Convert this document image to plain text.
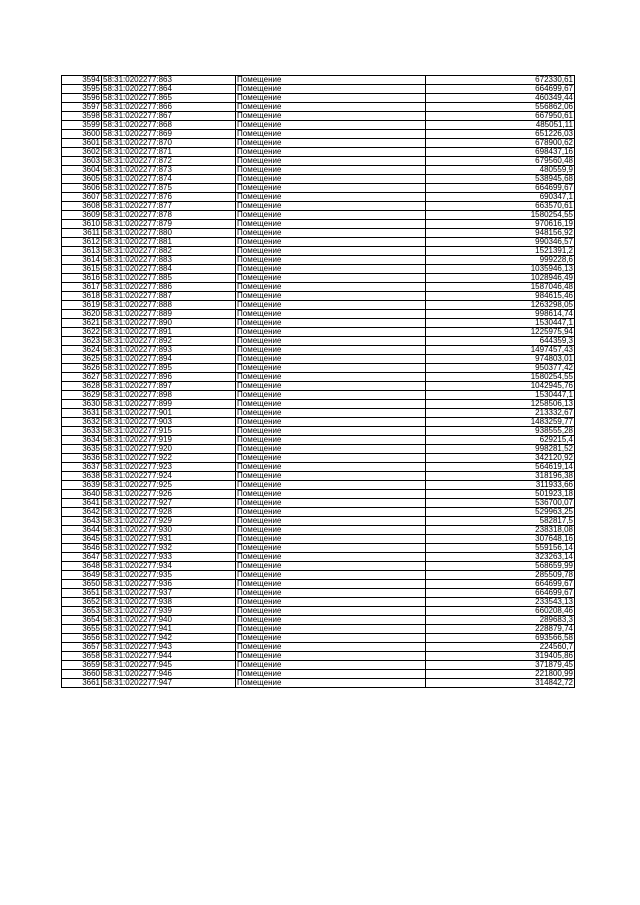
3594	58:31:0202277:863	Помещение	672330,61
3595	58:31:0202277:864	Помещение	664699,67
3596	58:31:0202277:865	Помещение	460349,44
3597	58:31:0202277:866	Помещение	556862,06
3598	58:31:0202277:867	Помещение	667950,61
3599	58:31:0202277:868	Помещение	485051,11
3600	58:31:0202277:869	Помещение	651226,03
3601	58:31:0202277:870	Помещение	678900,62
3602	58:31:0202277:871	Помещение	698437,16
3603	58:31:0202277:872	Помещение	679560,48
3604	58:31:0202277:873	Помещение	480559,9
3605	58:31:0202277:874	Помещение	538945,68
3606	58:31:0202277:875	Помещение	664699,67
3607	58:31:0202277:876	Помещение	690347,1
3608	58:31:0202277:877	Помещение	663570,61
3609	58:31:0202277:878	Помещение	1580254,55
3610	58:31:0202277:879	Помещение	970616,19
3611	58:31:0202277:880	Помещение	948156,92
3612	58:31:0202277:881	Помещение	990346,57
3613	58:31:0202277:882	Помещение	1521391,2
3614	58:31:0202277:883	Помещение	999228,6
3615	58:31:0202277:884	Помещение	1035946,13
3616	58:31:0202277:885	Помещение	1028946,49
3617	58:31:0202277:886	Помещение	1587046,48
3618	58:31:0202277:887	Помещение	984615,46
3619	58:31:0202277:888	Помещение	1263298,05
3620	58:31:0202277:889	Помещение	998614,74
3621	58:31:0202277:890	Помещение	1530447,1
3622	58:31:0202277:891	Помещение	1225975,94
3623	58:31:0202277:892	Помещение	644359,3
3624	58:31:0202277:893	Помещение	1497457,43
3625	58:31:0202277:894	Помещение	974803,01
3626	58:31:0202277:895	Помещение	950377,42
3627	58:31:0202277:896	Помещение	1580254,55
3628	58:31:0202277:897	Помещение	1042945,76
3629	58:31:0202277:898	Помещение	1530447,1
3630	58:31:0202277:899	Помещение	1258506,13
3631	58:31:0202277:901	Помещение	213332,67
3632	58:31:0202277:903	Помещение	1483259,77
3633	58:31:0202277:915	Помещение	938555,28
3634	58:31:0202277:919	Помещение	629215,4
3635	58:31:0202277:920	Помещение	998281,52
3636	58:31:0202277:922	Помещение	342120,92
3637	58:31:0202277:923	Помещение	564619,14
3638	58:31:0202277:924	Помещение	318196,38
3639	58:31:0202277:925	Помещение	311933,66
3640	58:31:0202277:926	Помещение	501923,18
3641	58:31:0202277:927	Помещение	536700,07
3642	58:31:0202277:928	Помещение	529963,25
3643	58:31:0202277:929	Помещение	582817,5
3644	58:31:0202277:930	Помещение	238318,08
3645	58:31:0202277:931	Помещение	307648,16
3646	58:31:0202277:932	Помещение	559156,14
3647	58:31:0202277:933	Помещение	323263,14
3648	58:31:0202277:934	Помещение	568659,99
3649	58:31:0202277:935	Помещение	285509,78
3650	58:31:0202277:936	Помещение	664699,67
3651	58:31:0202277:937	Помещение	664699,67
3652	58:31:0202277:938	Помещение	233543,13
3653	58:31:0202277:939	Помещение	660208,46
3654	58:31:0202277:940	Помещение	289683,3
3655	58:31:0202277:941	Помещение	228879,74
3656	58:31:0202277:942	Помещение	693566,58
3657	58:31:0202277:943	Помещение	224560,7
3658	58:31:0202277:944	Помещение	319405,86
3659	58:31:0202277:945	Помещение	371879,45
3660	58:31:0202277:946	Помещение	221800,99
3661	58:31:0202277:947	Помещение	314842,72
